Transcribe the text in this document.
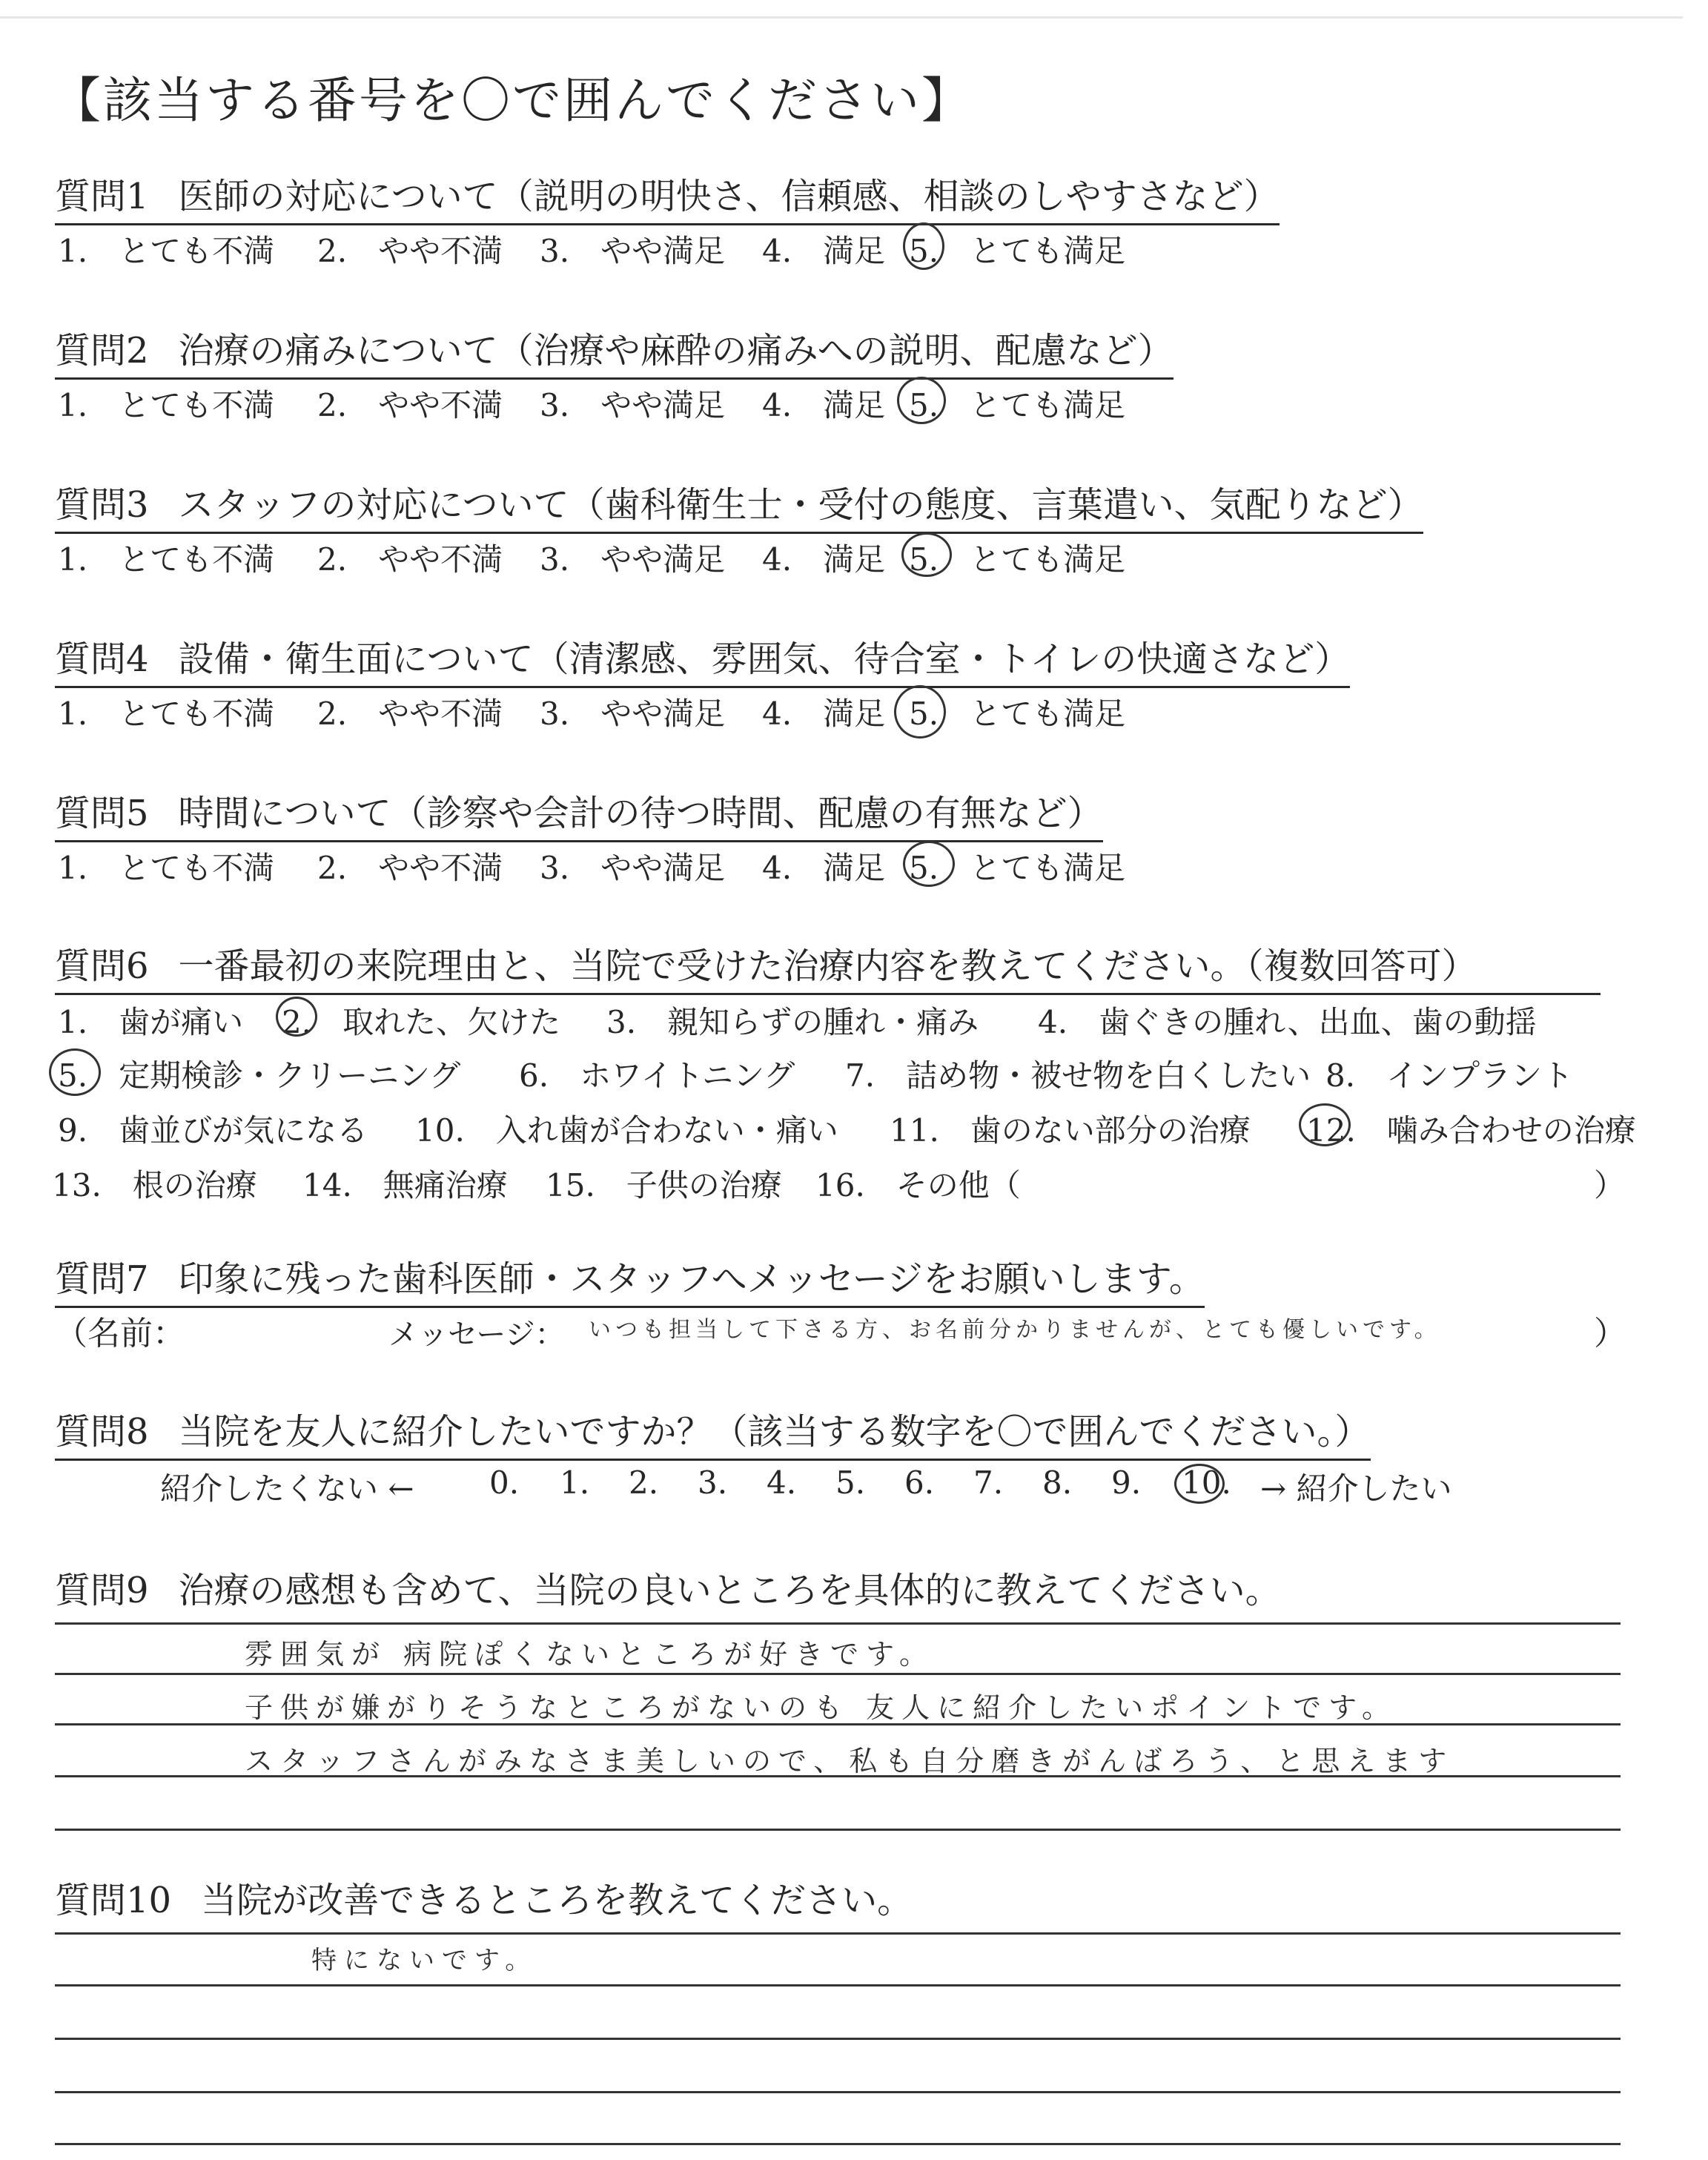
【該当する番号を〇で囲んでください】
質問1 医師の対応について（説明の明快さ、信頼感、相談のしやすさなど）
1.　とても不満 2.　やや不満 3.　やや満足 4.　満足 5.　とても満足
質問2 治療の痛みについて（治療や麻酔の痛みへの説明、配慮など）
1.　とても不満 2.　やや不満 3.　やや満足 4.　満足 5.　とても満足
質問3 スタッフの対応について（歯科衛生士・受付の態度、言葉遣い、気配りなど）
1.　とても不満 2.　やや不満 3.　やや満足 4.　満足 5.　とても満足
質問4 設備・衛生面について（清潔感、雰囲気、待合室・トイレの快適さなど）
1.　とても不満 2.　やや不満 3.　やや満足 4.　満足 5.　とても満足
質問5 時間について（診察や会計の待つ時間、配慮の有無など）
1.　とても不満 2.　やや不満 3.　やや満足 4.　満足 5.　とても満足
質問6 一番最初の来院理由と、当院で受けた治療内容を教えてください。（複数回答可）
1.　歯が痛い 2.　取れた、欠けた 3.　親知らずの腫れ・痛み 4.　歯ぐきの腫れ、出血、歯の動揺
5.　定期検診・クリーニング 6.　ホワイトニング 7.　詰め物・被せ物を白くしたい 8.　インプラント
9.　歯並びが気になる 10.　入れ歯が合わない・痛い 11.　歯のない部分の治療 12.　噛み合わせの治療
13.　根の治療 14.　無痛治療 15.　子供の治療 16.　その他（	）
質問7 印象に残った歯科医師・スタッフへメッセージをお願いします。
（名前：	メッセージ： いつも担当して下さる方、お名前分かりませんが、とても優しいです。	）
質問8 当院を友人に紹介したいですか？（該当する数字を〇で囲んでください。）
紹介したくない ← 0. 1. 2. 3. 4. 5. 6. 7. 8. 9. 10. → 紹介したい
質問9 治療の感想も含めて、当院の良いところを具体的に教えてください。
雰囲気が 病院ぽくないところが好きです。
子供が嫌がりそうなところがないのも 友人に紹介したいポイントです。
スタッフさんがみなさま美しいので、私も自分磨きがんばろう、と思えます
質問10 当院が改善できるところを教えてください。
特にないです。
